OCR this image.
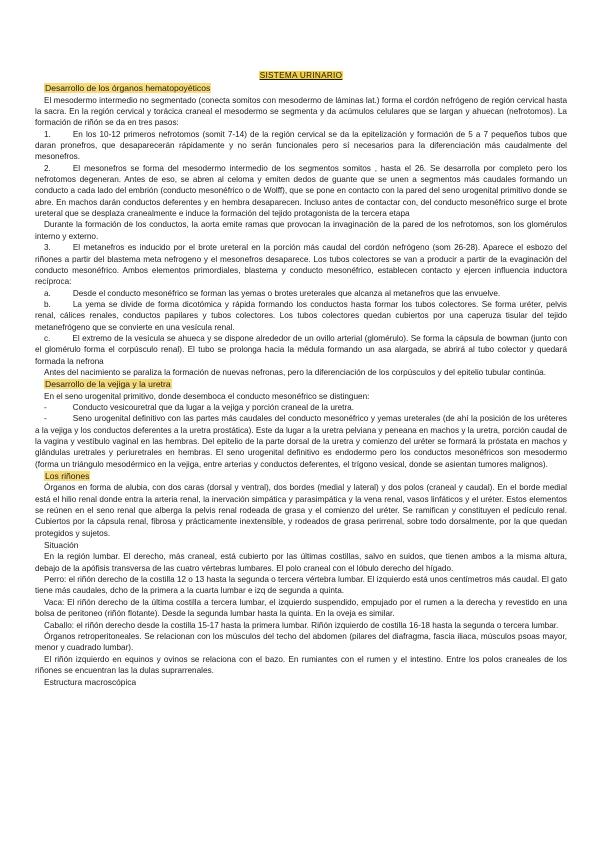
SISTEMA URINARIO
Desarrollo de los órganos hematopoyéticos

El mesodermo intermedio no segmentado (conecta somitos con mesodermo de láminas lat.) forma el cordón nefrógeno de región cervical hasta la sacra. En la región cervical y torácica craneal el mesodermo se segmenta y da acúmulos celulares que se largan y ahuecan (nefrotomos). La formación de riñón se da en tres pasos:

1.	En los 10-12 primeros nefrotomos (somit 7-14) de la región cervical se da la epitelización y formación de 5 a 7 pequeños tubos que daran pronefros, que desaparecerán rápidamente y no serán funcionales pero sí necesarios para la diferenciación más caudalmente del mesonefros.

2.	El mesonefros se forma del mesodermo intermedio de los segmentos somitos , hasta el 26. Se desarrolla por completo pero los nefrotomos degeneran. Antes de eso, se abren al celoma y emiten dedos de guante que se unen a segmentos más caudales formando un conducto a cada lado del embrión (conducto mesonéfrico o de Wolff), que se pone en contacto con la pared del seno urogenital primitivo donde se abre. En machos darán conductos deferentes y en hembra desaparecen. Incluso antes de contactar con, del conducto mesonéfrico surge el brote ureteral que se desplaza cranealmente e induce la formación del tejido protagonista de la tercera etapa

Durante la formación de los conductos, la aorta emite ramas que provocan la invaginación de la pared de los nefrotomos, son los glomérulos interno y externo.

3.	El metanefros es inducido por el brote ureteral en la porción más caudal del cordón nefrógeno (som 26-28). Aparece el esbozo del riñones a partir del blastema meta nefrogeno y el mesonefros desaparece. Los tubos colectores se van a producir a partir de la evaginación del conducto mesonéfrico. Ambos elementos primordiales, blastema y conducto mesonéfrico, establecen contacto y ejercen influencia inductora recíproca:

a.	Desde el conducto mesonéfrico se forman las yemas o brotes ureterales que alcanza al metanefros que las envuelve.

b.	La yema se divide de forma dicotómica y rápida formando los conductos hasta formar los tubos colectores. Se forma uréter, pelvis renal, cálices renales, conductos papilares y tubos colectores. Los tubos colectores quedan cubiertos por una caperuza tisular del tejido metanefrógeno que se convierte en una vesícula renal.

c.	El extremo de la vesícula se ahueca y se dispone alrededor de un ovillo arterial (glomérulo). Se forma la cápsula de bowman (junto con el glomérulo forma el corpúsculo renal). El tubo se prolonga hacia la médula formando un asa alargada, se abrirá al tubo colector y quedará formada la nefrona

Antes del nacimiento se paraliza la formación de nuevas nefronas, pero la diferenciación de los corpúsculos y del epitelio tubular continúa.

Desarrollo de la vejiga y la uretra

En el seno urogenital primitivo, donde desemboca el conducto mesonéfrico se distinguen:

-	Conducto vesicouretral que da lugar a la vejiga y porción craneal de la uretra.

-	Seno urogenital definitivo con las partes más caudales del conducto mesonéfrico y yemas ureterales (de ahí la posición de los uréteres a la vejiga y los conductos deferentes a la uretra prostática). Este da lugar a la uretra pelviana y peneana en machos y la uretra, porción caudal de la vagina y vestíbulo vaginal en las hembras. Del epitelio de la parte dorsal de la uretra y comienzo del uréter se formará la próstata en machos y glándulas uretrales y periuretrales en hembras. El seno urogenital definitivo es endodermo pero los conductos mesonéfricos son mesodermo (forma un triángulo mesodérmico en la vejiga, entre arterias y conductos deferentes, el trígono vesical, donde se asientan tumores malignos).

Los riñones

Órganos en forma de alubia, con dos caras (dorsal y ventral), dos bordes (medial y lateral) y dos polos (craneal y caudal). En el borde medial está el hilio renal donde entra la arteria renal, la inervación simpática y parasimpática y la vena renal, vasos linfáticos y el uréter. Estos elementos se reúnen en el seno renal que alberga la pelvis renal rodeada de grasa y el comienzo del uréter. Se ramifican y constituyen el pedículo renal. Cubiertos por la cápsula renal, fibrosa y prácticamente inextensible, y rodeados de grasa perirrenal, sobre todo dorsalmente, por la que quedan protegidos y sujetos.

Situación

En la región lumbar. El derecho, más craneal, está cubierto por las últimas costillas, salvo en suidos, que tienen ambos a la misma altura, debajo de la apófisis transversa de las cuatro vértebras lumbares. El polo craneal con el lóbulo derecho del hígado.

Perro: el riñón derecho de la costilla 12 o 13 hasta la segunda o tercera vértebra lumbar. El izquierdo está unos centímetros más caudal. El gato tiene más caudales, dcho de la primera a la cuarta lumbar e izq de segunda a quinta.

Vaca: El riñón derecho de la última costilla a tercera lumbar, el izquierdo suspendido, empujado por el rumen a la derecha y revestido en una bolsa de peritoneo (riñón flotante). Desde la segunda lumbar hasta la quinta. En la oveja es similar.

Caballo: el riñón derecho desde la costilla 15-17 hasta la primera lumbar. Riñón izquierdo de costilla 16-18 hasta la segunda o tercera lumbar.

Órganos retroperitoneales. Se relacionan con los músculos del techo del abdomen (pilares del diafragma, fascia iliaca, músculos psoas mayor, menor y cuadrado lumbar).

El riñón izquierdo en equinos y ovinos se relaciona con el bazo. En rumiantes con el rumen y el intestino. Entre los polos craneales de los riñones se encuentran las la dulas suprarrenales.

Estructura macroscópica
